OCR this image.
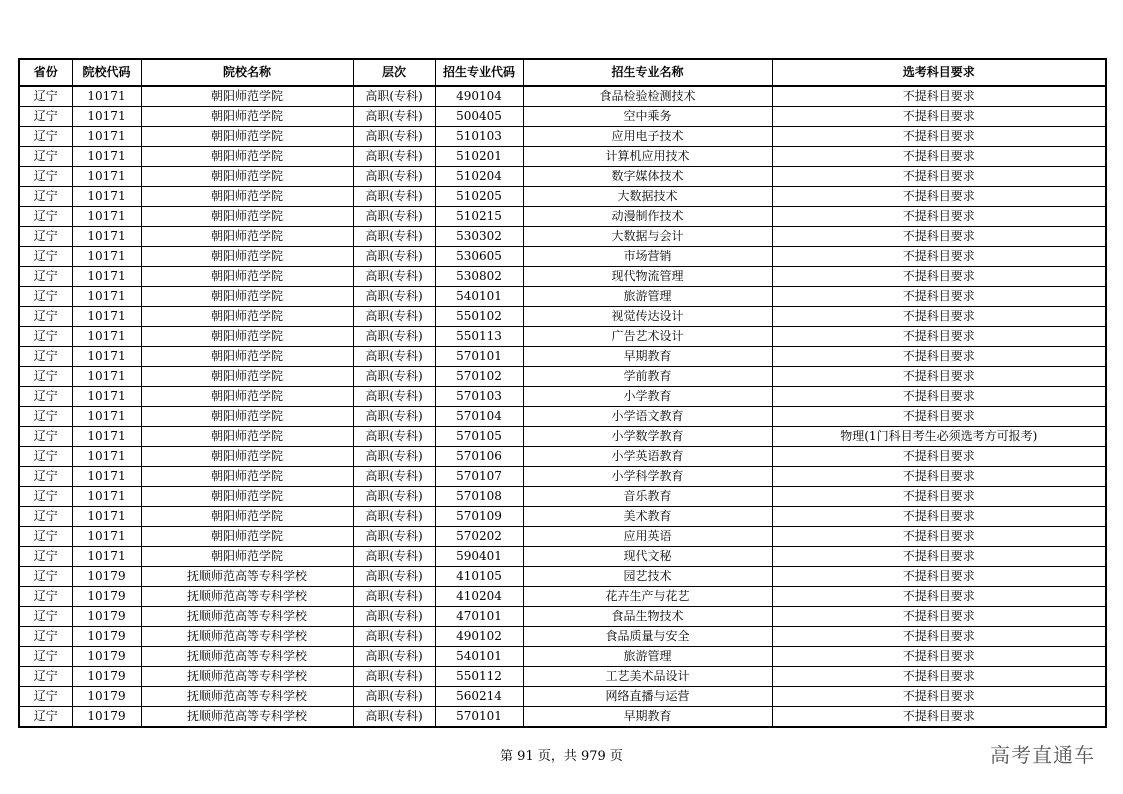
省份	院校代码	院校名称	层次	招生专业代码	招生专业名称	选考科目要求
辽宁	10171	朝阳师范学院	高职(专科)	490104	食品检验检测技术	不提科目要求
辽宁	10171	朝阳师范学院	高职(专科)	500405	空中乘务	不提科目要求
辽宁	10171	朝阳师范学院	高职(专科)	510103	应用电子技术	不提科目要求
辽宁	10171	朝阳师范学院	高职(专科)	510201	计算机应用技术	不提科目要求
辽宁	10171	朝阳师范学院	高职(专科)	510204	数字媒体技术	不提科目要求
辽宁	10171	朝阳师范学院	高职(专科)	510205	大数据技术	不提科目要求
辽宁	10171	朝阳师范学院	高职(专科)	510215	动漫制作技术	不提科目要求
辽宁	10171	朝阳师范学院	高职(专科)	530302	大数据与会计	不提科目要求
辽宁	10171	朝阳师范学院	高职(专科)	530605	市场营销	不提科目要求
辽宁	10171	朝阳师范学院	高职(专科)	530802	现代物流管理	不提科目要求
辽宁	10171	朝阳师范学院	高职(专科)	540101	旅游管理	不提科目要求
辽宁	10171	朝阳师范学院	高职(专科)	550102	视觉传达设计	不提科目要求
辽宁	10171	朝阳师范学院	高职(专科)	550113	广告艺术设计	不提科目要求
辽宁	10171	朝阳师范学院	高职(专科)	570101	早期教育	不提科目要求
辽宁	10171	朝阳师范学院	高职(专科)	570102	学前教育	不提科目要求
辽宁	10171	朝阳师范学院	高职(专科)	570103	小学教育	不提科目要求
辽宁	10171	朝阳师范学院	高职(专科)	570104	小学语文教育	不提科目要求
辽宁	10171	朝阳师范学院	高职(专科)	570105	小学数学教育	物理(1门科目考生必须选考方可报考)
辽宁	10171	朝阳师范学院	高职(专科)	570106	小学英语教育	不提科目要求
辽宁	10171	朝阳师范学院	高职(专科)	570107	小学科学教育	不提科目要求
辽宁	10171	朝阳师范学院	高职(专科)	570108	音乐教育	不提科目要求
辽宁	10171	朝阳师范学院	高职(专科)	570109	美术教育	不提科目要求
辽宁	10171	朝阳师范学院	高职(专科)	570202	应用英语	不提科目要求
辽宁	10171	朝阳师范学院	高职(专科)	590401	现代文秘	不提科目要求
辽宁	10179	抚顺师范高等专科学校	高职(专科)	410105	园艺技术	不提科目要求
辽宁	10179	抚顺师范高等专科学校	高职(专科)	410204	花卉生产与花艺	不提科目要求
辽宁	10179	抚顺师范高等专科学校	高职(专科)	470101	食品生物技术	不提科目要求
辽宁	10179	抚顺师范高等专科学校	高职(专科)	490102	食品质量与安全	不提科目要求
辽宁	10179	抚顺师范高等专科学校	高职(专科)	540101	旅游管理	不提科目要求
辽宁	10179	抚顺师范高等专科学校	高职(专科)	550112	工艺美术品设计	不提科目要求
辽宁	10179	抚顺师范高等专科学校	高职(专科)	560214	网络直播与运营	不提科目要求
辽宁	10179	抚顺师范高等专科学校	高职(专科)	570101	早期教育	不提科目要求
第 91 页，共 979 页	高考直通车
